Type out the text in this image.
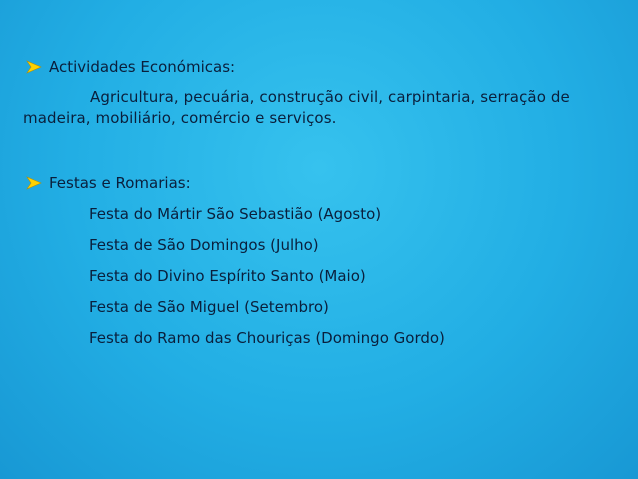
Actividades Económicas:
Agricultura, pecuária, construção civil, carpintaria, serração de madeira, mobiliário, comércio e serviços.
Festas e Romarias:
Festa do Mártir São Sebastião (Agosto)
Festa de São Domingos (Julho)
Festa do Divino Espírito Santo (Maio)
Festa de São Miguel (Setembro)
Festa do Ramo das Chouriças (Domingo Gordo)
